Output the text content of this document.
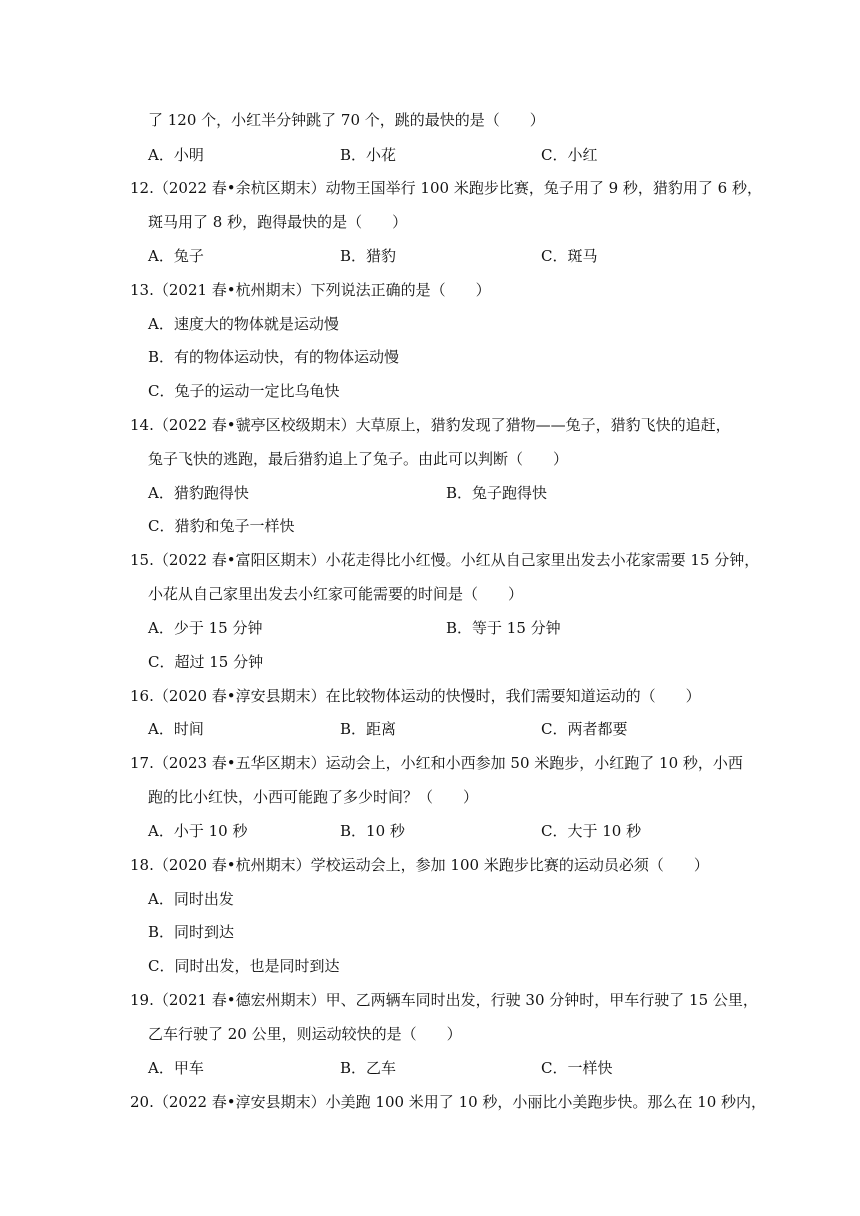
了 120 个，小红半分钟跳了 70 个，跳的最快的是（　　）
A．小明	B．小花	C．小红
12.（2022 春•余杭区期末）动物王国举行 100 米跑步比赛，兔子用了 9 秒，猎豹用了 6 秒，
斑马用了 8 秒，跑得最快的是（　　）
A．兔子	B．猎豹	C．斑马
13.（2021 春•杭州期末）下列说法正确的是（　　）
A．速度大的物体就是运动慢
B．有的物体运动快，有的物体运动慢
C．兔子的运动一定比乌龟快
14.（2022 春•虢亭区校级期末）大草原上，猎豹发现了猎物——兔子，猎豹飞快的追赶，
兔子飞快的逃跑，最后猎豹追上了兔子。由此可以判断（　　）
A．猎豹跑得快	B．兔子跑得快
C．猎豹和兔子一样快
15.（2022 春•富阳区期末）小花走得比小红慢。小红从自己家里出发去小花家需要 15 分钟，
小花从自己家里出发去小红家可能需要的时间是（　　）
A．少于 15 分钟	B．等于 15 分钟
C．超过 15 分钟
16.（2020 春•淳安县期末）在比较物体运动的快慢时，我们需要知道运动的（　　）
A．时间	B．距离	C．两者都要
17.（2023 春•五华区期末）运动会上，小红和小西参加 50 米跑步，小红跑了 10 秒，小西
跑的比小红快，小西可能跑了多少时间？（　　）
A．小于 10 秒	B．10 秒	C．大于 10 秒
18.（2020 春•杭州期末）学校运动会上，参加 100 米跑步比赛的运动员必须（　　）
A．同时出发
B．同时到达
C．同时出发，也是同时到达
19.（2021 春•德宏州期末）甲、乙两辆车同时出发，行驶 30 分钟时，甲车行驶了 15 公里，
乙车行驶了 20 公里，则运动较快的是（　　）
A．甲车	B．乙车	C．一样快
20.（2022 春•淳安县期末）小美跑 100 米用了 10 秒，小丽比小美跑步快。那么在 10 秒内，
